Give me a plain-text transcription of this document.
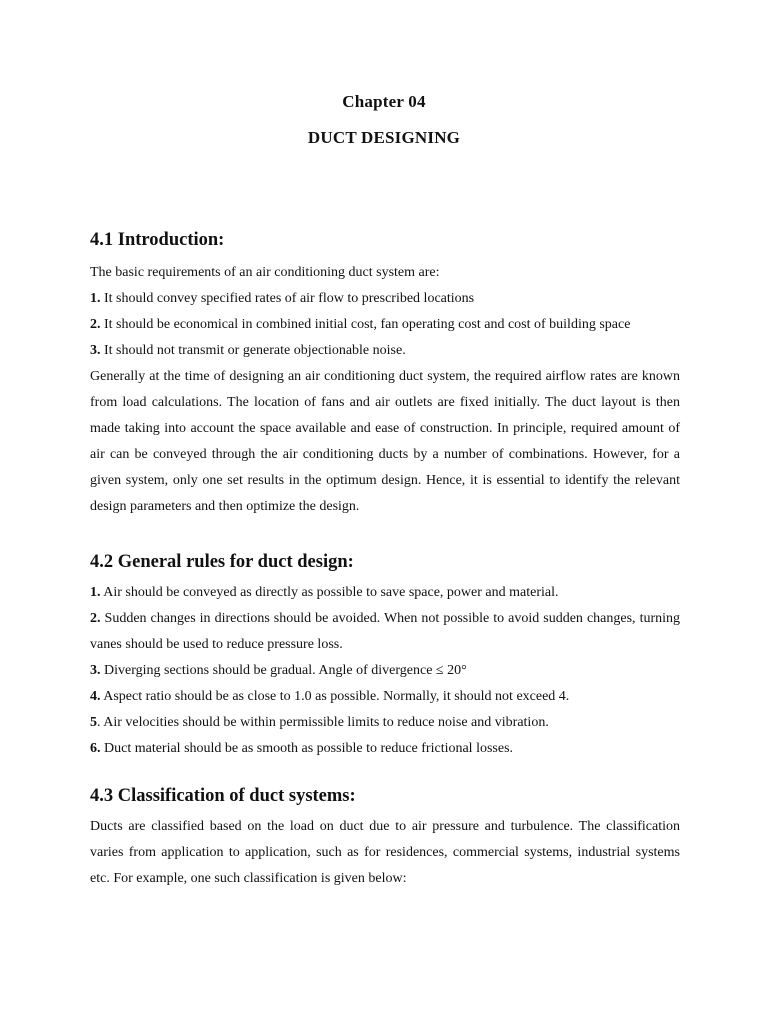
Chapter 04
DUCT DESIGNING
4.1 Introduction:

The basic requirements of an air conditioning duct system are:

1. It should convey specified rates of air flow to prescribed locations

2. It should be economical in combined initial cost, fan operating cost and cost of building space

3. It should not transmit or generate objectionable noise.

Generally at the time of designing an air conditioning duct system, the required airflow rates are known from load calculations. The location of fans and air outlets are fixed initially. The duct layout is then made taking into account the space available and ease of construction. In principle, required amount of air can be conveyed through the air conditioning ducts by a number of combinations. However, for a given system, only one set results in the optimum design. Hence, it is essential to identify the relevant design parameters and then optimize the design.

4.2 General rules for duct design:

1. Air should be conveyed as directly as possible to save space, power and material.

2. Sudden changes in directions should be avoided. When not possible to avoid sudden changes, turning vanes should be used to reduce pressure loss.

3. Diverging sections should be gradual. Angle of divergence ≤ 20°

4. Aspect ratio should be as close to 1.0 as possible. Normally, it should not exceed 4.

5. Air velocities should be within permissible limits to reduce noise and vibration.

6. Duct material should be as smooth as possible to reduce frictional losses.

4.3 Classification of duct systems:

Ducts are classified based on the load on duct due to air pressure and turbulence. The classification varies from application to application, such as for residences, commercial systems, industrial systems etc. For example, one such classification is given below:
